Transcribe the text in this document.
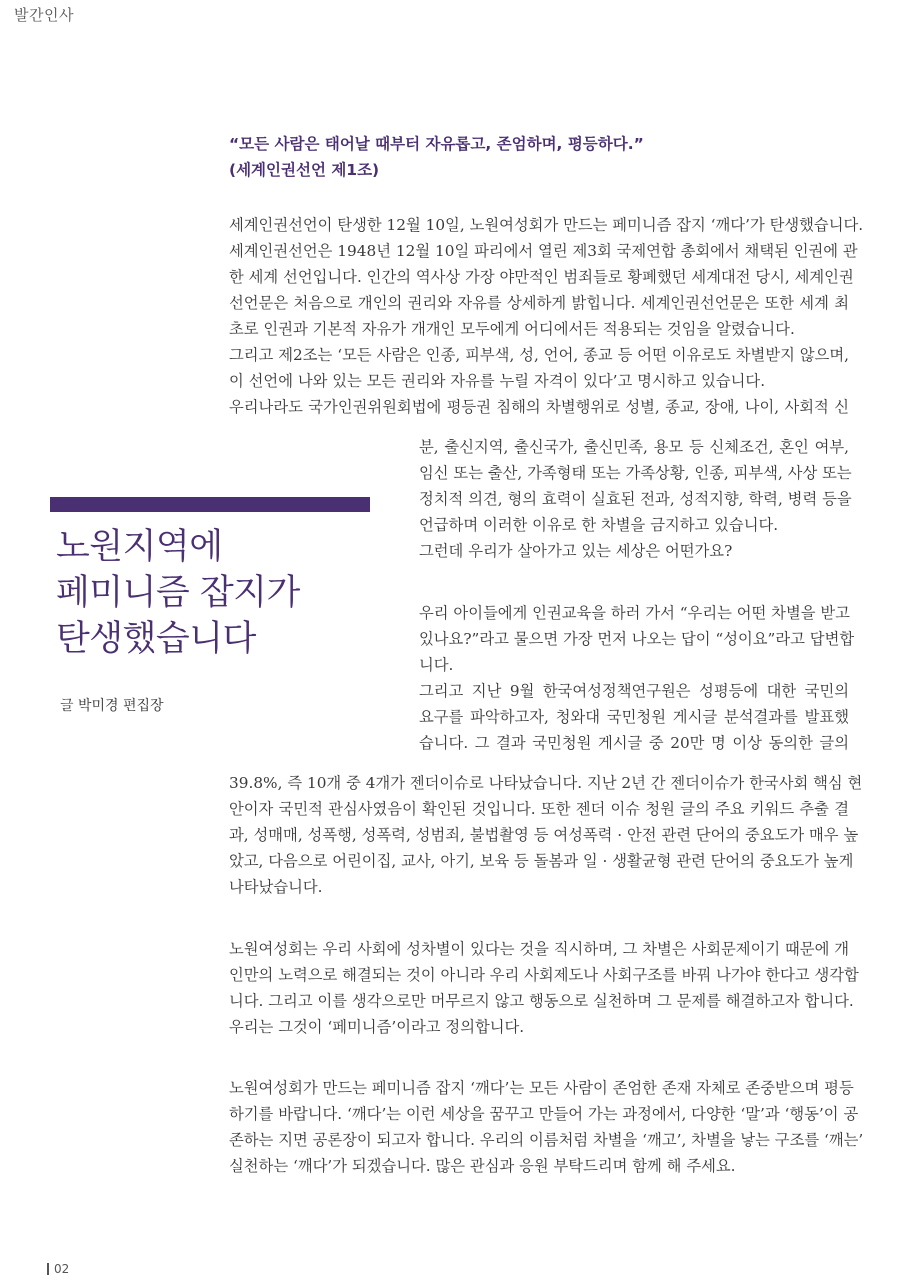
발간인사
“모든 사람은 태어날 때부터 자유롭고, 존엄하며, 평등하다.”
(세계인권선언 제1조)
세계인권선언이 탄생한 12월 10일, 노원여성회가 만드는 페미니즘 잡지 ‘깨다’가 탄생했습니다.
세계인권선언은 1948년 12월 10일 파리에서 열린 제3회 국제연합 총회에서 채택된 인권에 관
한 세계 선언입니다. 인간의 역사상 가장 야만적인 범죄들로 황폐했던 세계대전 당시, 세계인권
선언문은 처음으로 개인의 권리와 자유를 상세하게 밝힙니다. 세계인권선언문은 또한 세계 최
초로 인권과 기본적 자유가 개개인 모두에게 어디에서든 적용되는 것임을 알렸습니다.
그리고 제2조는 ‘모든 사람은 인종, 피부색, 성, 언어, 종교 등 어떤 이유로도 차별받지 않으며,
이 선언에 나와 있는 모든 권리와 자유를 누릴 자격이 있다’고 명시하고 있습니다.
우리나라도 국가인권위원회법에 평등권 침해의 차별행위로 성별, 종교, 장애, 나이, 사회적 신
분, 출신지역, 출신국가, 출신민족, 용모 등 신체조건, 혼인 여부,
임신 또는 출산, 가족형태 또는 가족상황, 인종, 피부색, 사상 또는
정치적 의견, 형의 효력이 실효된 전과, 성적지향, 학력, 병력 등을
언급하며 이러한 이유로 한 차별을 금지하고 있습니다.
그런데 우리가 살아가고 있는 세상은 어떤가요?
우리 아이들에게 인권교육을 하러 가서 “우리는 어떤 차별을 받고
있나요?”라고 물으면 가장 먼저 나오는 답이 “성이요”라고 답변합
니다.
그리고 지난 9월 한국여성정책연구원은 성평등에 대한 국민의
요구를 파악하고자, 청와대 국민청원 게시글 분석결과를 발표했
습니다. 그 결과 국민청원 게시글 중 20만 명 이상 동의한 글의
39.8%, 즉 10개 중 4개가 젠더이슈로 나타났습니다. 지난 2년 간 젠더이슈가 한국사회 핵심 현
안이자 국민적 관심사였음이 확인된 것입니다. 또한 젠더 이슈 청원 글의 주요 키워드 추출 결
과, 성매매, 성폭행, 성폭력, 성범죄, 불법촬영 등 여성폭력 · 안전 관련 단어의 중요도가 매우 높
았고, 다음으로 어린이집, 교사, 아기, 보육 등 돌봄과 일 · 생활균형 관련 단어의 중요도가 높게
나타났습니다.
노원여성회는 우리 사회에 성차별이 있다는 것을 직시하며, 그 차별은 사회문제이기 때문에 개
인만의 노력으로 해결되는 것이 아니라 우리 사회제도나 사회구조를 바꿔 나가야 한다고 생각합
니다. 그리고 이를 생각으로만 머무르지 않고 행동으로 실천하며 그 문제를 해결하고자 합니다.
우리는 그것이 ‘페미니즘’이라고 정의합니다.
노원여성회가 만드는 페미니즘 잡지 ‘깨다’는 모든 사람이 존엄한 존재 자체로 존중받으며 평등
하기를 바랍니다. ‘깨다’는 이런 세상을 꿈꾸고 만들어 가는 과정에서, 다양한 ‘말’과 ‘행동’이 공
존하는 지면 공론장이 되고자 합니다. 우리의 이름처럼 차별을 ‘깨고’, 차별을 낳는 구조를 ‘깨는’
실천하는 ‘깨다’가 되겠습니다. 많은 관심과 응원 부탁드리며 함께 해 주세요.
노원지역에
페미니즘 잡지가
탄생했습니다
글 박미경 편집장
02
